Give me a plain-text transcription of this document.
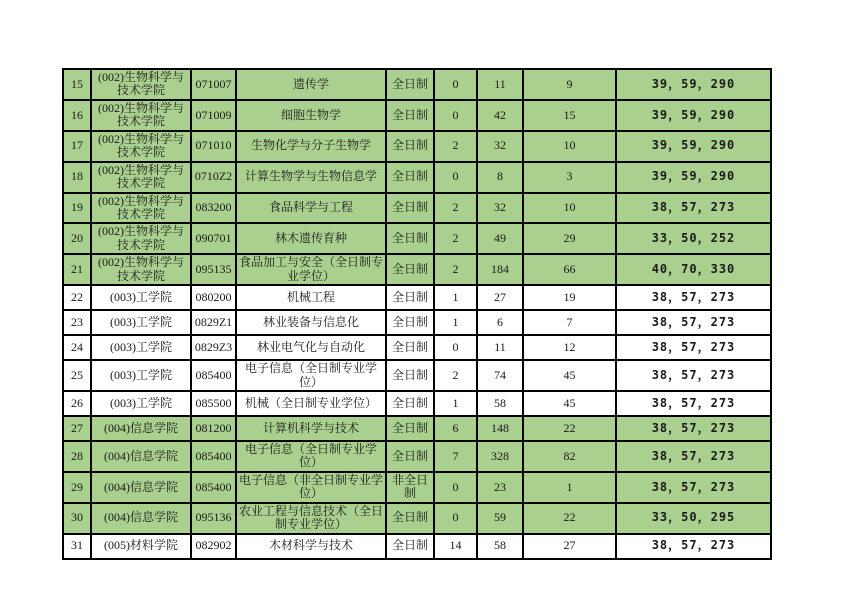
15	(002)生物科学与技术学院	071007	遗传学	全日制	0	11	9	39，59，290
16	(002)生物科学与技术学院	071009	细胞生物学	全日制	0	42	15	39，59，290
17	(002)生物科学与技术学院	071010	生物化学与分子生物学	全日制	2	32	10	39，59，290
18	(002)生物科学与技术学院	0710Z2	计算生物学与生物信息学	全日制	0	8	3	39，59，290
19	(002)生物科学与技术学院	083200	食品科学与工程	全日制	2	32	10	38，57，273
20	(002)生物科学与技术学院	090701	林木遗传育种	全日制	2	49	29	33，50，252
21	(002)生物科学与技术学院	095135	食品加工与安全（全日制专业学位）	全日制	2	184	66	40，70，330
22	(003)工学院	080200	机械工程	全日制	1	27	19	38，57，273
23	(003)工学院	0829Z1	林业装备与信息化	全日制	1	6	7	38，57，273
24	(003)工学院	0829Z3	林业电气化与自动化	全日制	0	11	12	38，57，273
25	(003)工学院	085400	电子信息（全日制专业学位）	全日制	2	74	45	38，57，273
26	(003)工学院	085500	机械（全日制专业学位）	全日制	1	58	45	38，57，273
27	(004)信息学院	081200	计算机科学与技术	全日制	6	148	22	38，57，273
28	(004)信息学院	085400	电子信息（全日制专业学位）	全日制	7	328	82	38，57，273
29	(004)信息学院	085400	电子信息（非全日制专业学位）	非全日制	0	23	1	38，57，273
30	(004)信息学院	095136	农业工程与信息技术（全日制专业学位）	全日制	0	59	22	33，50，295
31	(005)材料学院	082902	木材科学与技术	全日制	14	58	27	38，57，273
